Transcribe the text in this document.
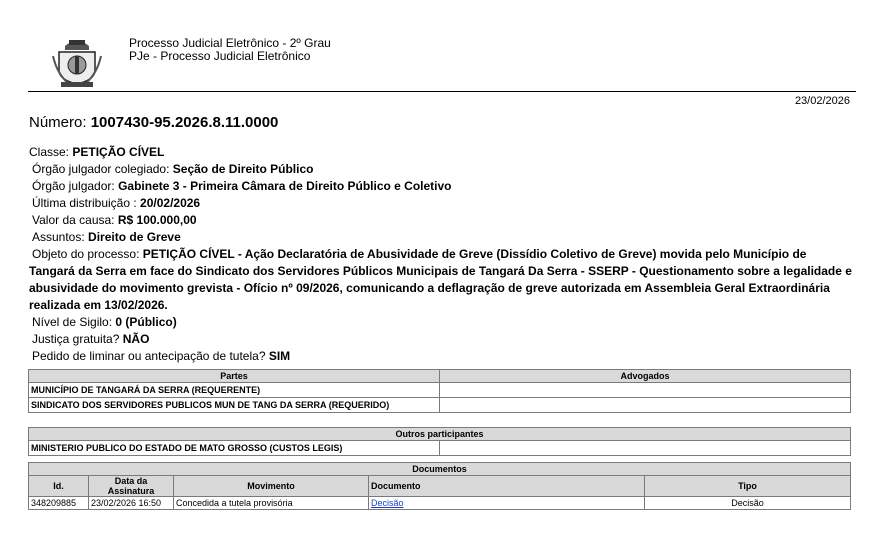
Processo Judicial Eletrônico - 2º Grau
PJe - Processo Judicial Eletrônico
23/02/2026
Número: 1007430-95.2026.8.11.0000
Classe: PETIÇÃO CÍVEL
Órgão julgador colegiado: Seção de Direito Público
Órgão julgador: Gabinete 3 - Primeira Câmara de Direito Público e Coletivo
Última distribuição : 20/02/2026
Valor da causa: R$ 100.000,00
Assuntos: Direito de Greve
Objeto do processo: PETIÇÃO CÍVEL - Ação Declaratória de Abusividade de Greve (Dissídio Coletivo de Greve) movida pelo Município de Tangará da Serra em face do Sindicato dos Servidores Públicos Municipais de Tangará Da Serra - SSERP - Questionamento sobre a legalidade e abusividade do movimento grevista - Ofício nº 09/2026, comunicando a deflagração de greve autorizada em Assembleia Geral Extraordinária realizada em 13/02/2026.
Nível de Sigilo: 0 (Público)
Justiça gratuita? NÃO
Pedido de liminar ou antecipação de tutela? SIM
Partes	Advogados
MUNICÍPIO DE TANGARÁ DA SERRA (REQUERENTE)	
SINDICATO DOS SERVIDORES PUBLICOS MUN DE TANG DA SERRA (REQUERIDO)	
Outros participantes
MINISTERIO PUBLICO DO ESTADO DE MATO GROSSO (CUSTOS LEGIS)	
Documentos				
Id.	Data da Assinatura	Movimento	Documento	Tipo
348209885	23/02/2026 16:50	Concedida a tutela provisória	Decisão	Decisão
